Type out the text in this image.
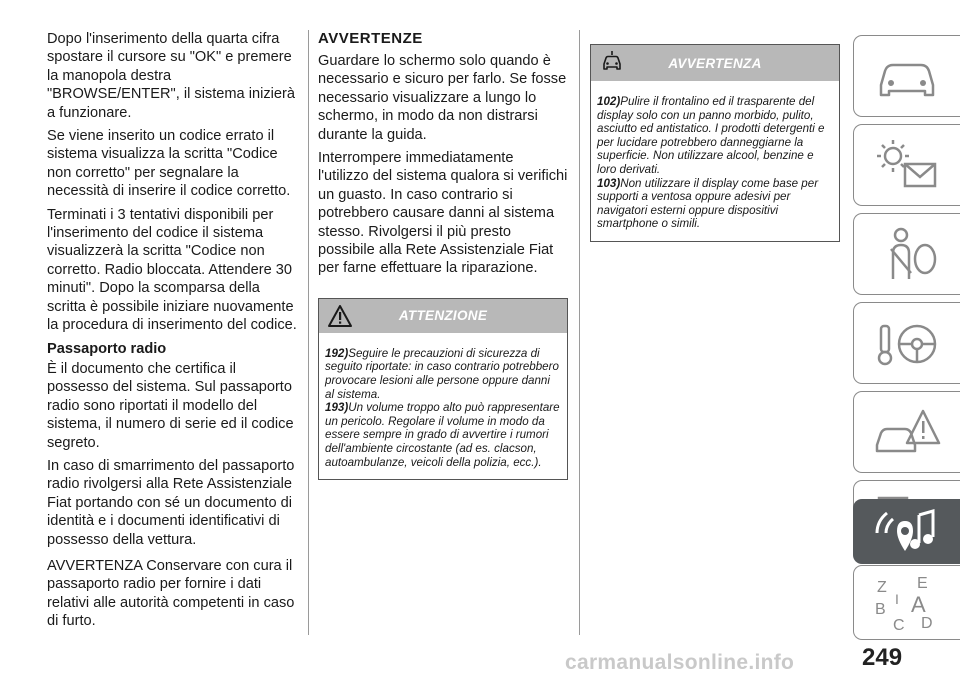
Dopo l'inserimento della quarta cifra spostare il cursore su "OK" e premere la manopola destra "BROWSE/ENTER", il sistema inizierà a funzionare.

Se viene inserito un codice errato il sistema visualizza la scritta "Codice non corretto" per segnalare la necessità di inserire il codice corretto.

Terminati i 3 tentativi disponibili per l'inserimento del codice il sistema visualizzerà la scritta "Codice non corretto. Radio bloccata. Attendere 30 minuti". Dopo la scomparsa della scritta è possibile iniziare nuovamente la procedura di inserimento del codice.

Passaporto radio

È il documento che certifica il possesso del sistema. Sul passaporto radio sono riportati il modello del sistema, il numero di serie ed il codice segreto.

In caso di smarrimento del passaporto radio rivolgersi alla Rete Assistenziale Fiat portando con sé un documento di identità e i documenti identificativi di possesso della vettura.

AVVERTENZA Conservare con cura il passaporto radio per fornire i dati relativi alle autorità competenti in caso di furto.

AVVERTENZE

Guardare lo schermo solo quando è necessario e sicuro per farlo. Se fosse necessario visualizzare a lungo lo schermo, in modo da non distrarsi durante la guida.

Interrompere immediatamente l'utilizzo del sistema qualora si verifichi un guasto. In caso contrario si potrebbero causare danni al sistema stesso. Rivolgersi il più presto possibile alla Rete Assistenziale Fiat per farne effettuare la riparazione.

ATTENZIONE

192)Seguire le precauzioni di sicurezza di seguito riportate: in caso contrario potrebbero provocare lesioni alle persone oppure danni al sistema.

193)Un volume troppo alto può rappresentare un pericolo. Regolare il volume in modo da essere sempre in grado di avvertire i rumori dell'ambiente circostante (ad es. clacson, autoambulanze, veicoli della polizia, ecc.).

AVVERTENZA

102)Pulire il frontalino ed il trasparente del display solo con un panno morbido, pulito, asciutto ed antistatico. I prodotti detergenti e per lucidare potrebbero danneggiarne la superficie. Non utilizzare alcool, benzine e loro derivati.

103)Non utilizzare il display come base per supporti a ventosa oppure adesivi per navigatori esterni oppure dispositivi smartphone o simili.

Z E
B A
C D
I
249
carmanualsonline.info
